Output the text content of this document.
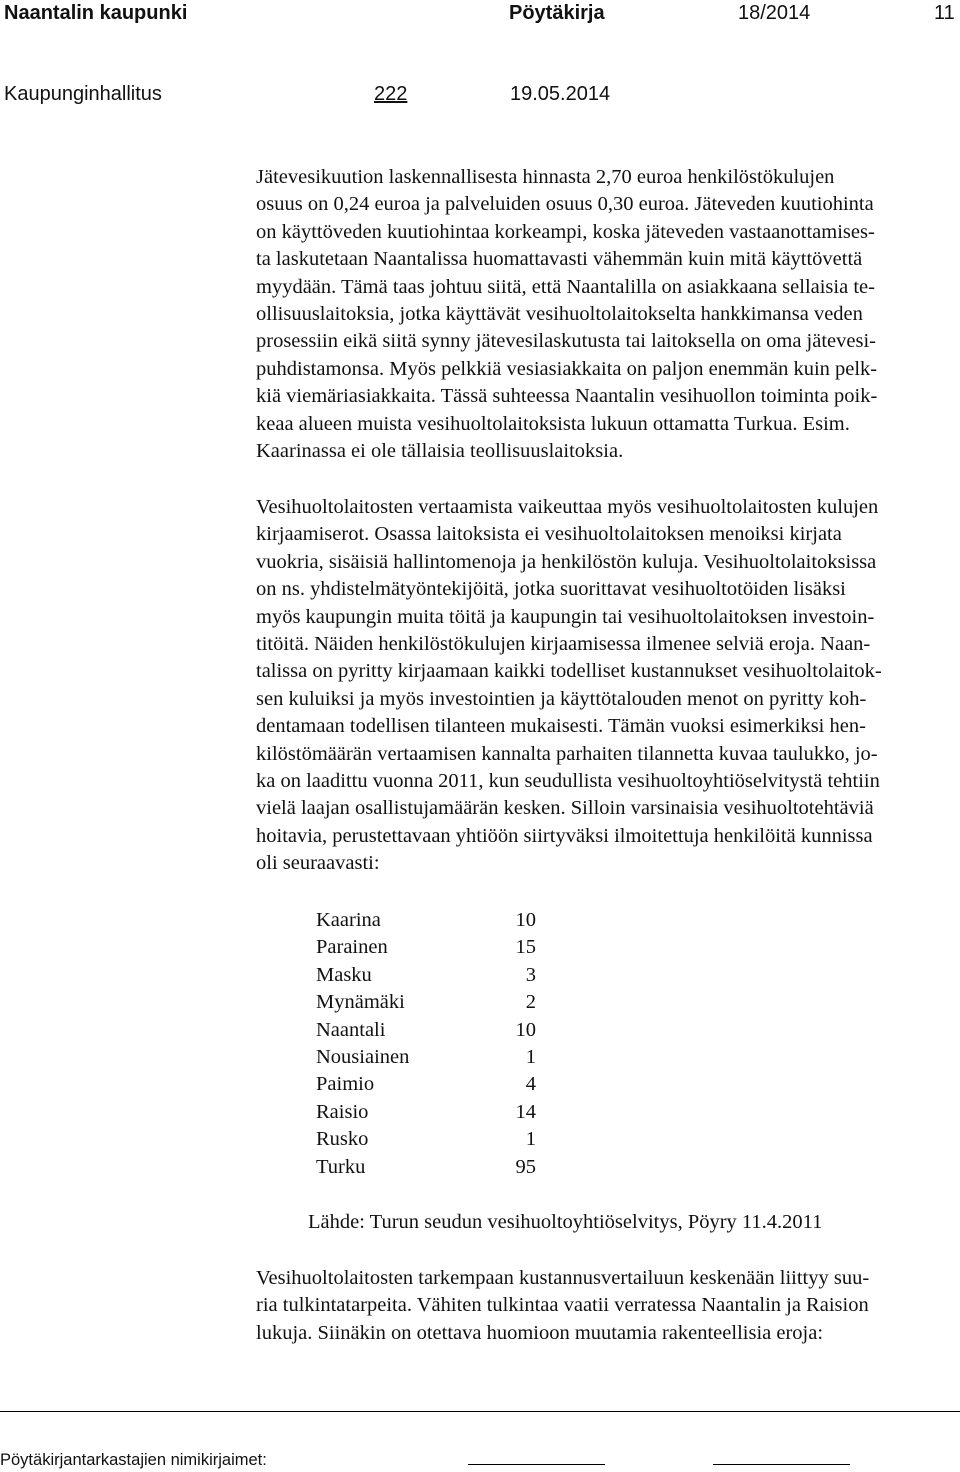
Naantalin kaupunki	Pöytäkirja	18/2014	11
Kaupunginhallitus	222	19.05.2014
Jätevesikuution laskennallisesta hinnasta 2,70 euroa henkilöstökulujen
osuus on 0,24 euroa ja palveluiden osuus 0,30 euroa. Jäteveden kuutiohinta
on käyttöveden kuutiohintaa korkeampi, koska jäteveden vastaanottamises-
ta laskutetaan Naantalissa huomattavasti vähemmän kuin mitä käyttövettä
myydään. Tämä taas johtuu siitä, että Naantalilla on asiakkaana sellaisia te-
ollisuuslaitoksia, jotka käyttävät vesihuoltolaitokselta hankkimansa veden
prosessiin eikä siitä synny jätevesilaskutusta tai laitoksella on oma jätevesi-
puhdistamonsa. Myös pelkkiä vesiasiakkaita on paljon enemmän kuin pelk-
kiä viemäriasiakkaita. Tässä suhteessa Naantalin vesihuollon toiminta poik-
keaa alueen muista vesihuoltolaitoksista lukuun ottamatta Turkua. Esim.
Kaarinassa ei ole tällaisia teollisuuslaitoksia.
Vesihuoltolaitosten vertaamista vaikeuttaa myös vesihuoltolaitosten kulujen
kirjaamiserot. Osassa laitoksista ei vesihuoltolaitoksen menoiksi kirjata
vuokria, sisäisiä hallintomenoja ja henkilöstön kuluja. Vesihuoltolaitoksissa
on ns. yhdistelmätyöntekijöitä, jotka suorittavat vesihuoltotöiden lisäksi
myös kaupungin muita töitä ja kaupungin tai vesihuoltolaitoksen investoin-
titöitä. Näiden henkilöstökulujen kirjaamisessa ilmenee selviä eroja. Naan-
talissa on pyritty kirjaamaan kaikki todelliset kustannukset vesihuoltolaitok-
sen kuluiksi ja myös investointien ja käyttötalouden menot on pyritty koh-
dentamaan todellisen tilanteen mukaisesti. Tämän vuoksi esimerkiksi hen-
kilöstömäärän vertaamisen kannalta parhaiten tilannetta kuvaa taulukko, jo-
ka on laadittu vuonna 2011, kun seudullista vesihuoltoyhtiöselvitystä tehtiin
vielä laajan osallistujamäärän kesken. Silloin varsinaisia vesihuoltotehtäviä
hoitavia, perustettavaan yhtiöön siirtyväksi ilmoitettuja henkilöitä kunnissa
oli seuraavasti:
Kaarina	10
Parainen	15
Masku	3
Mynämäki	2
Naantali	10
Nousiainen	1
Paimio	4
Raisio	14
Rusko	1
Turku	95
Lähde: Turun seudun vesihuoltoyhtiöselvitys, Pöyry 11.4.2011
Vesihuoltolaitosten tarkempaan kustannusvertailuun keskenään liittyy suu-
ria tulkintatarpeita. Vähiten tulkintaa vaatii verratessa Naantalin ja Raision
lukuja. Siinäkin on otettava huomioon muutamia rakenteellisia eroja:
Pöytäkirjantarkastajien nimikirjaimet:
